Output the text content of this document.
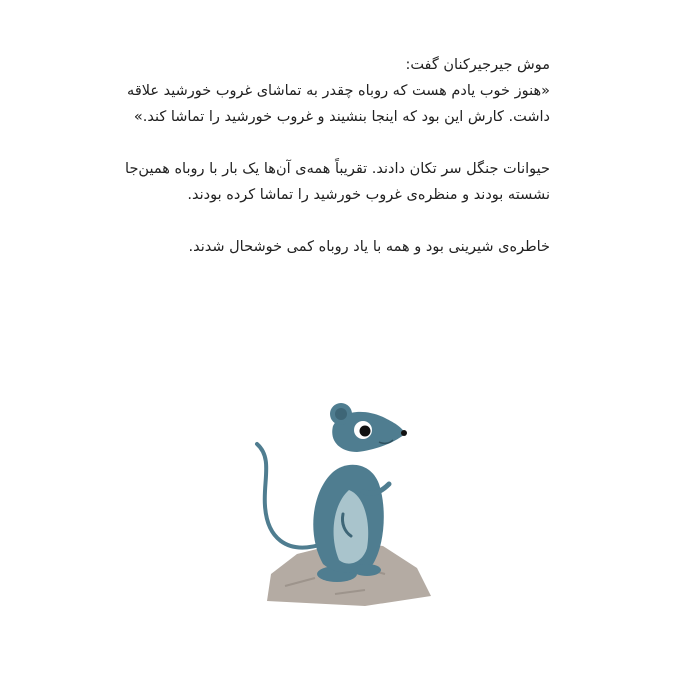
موش جیرجیرکنان گفت:
«هنوز خوب یادم هست که روباه چقدر به تماشای غروب خورشید علاقه
داشت. کارش این بود که اینجا بنشیند و غروب خورشید را تماشا کند.»

حیوانات جنگل سر تکان دادند. تقریباً همه‌ی آن‌ها یک بار با روباه همین‌جا
نشسته بودند و منظره‌ی غروب خورشید را تماشا کرده بودند.

خاطره‌ی شیرینی بود و همه با یاد روباه کمی خوشحال شدند.
